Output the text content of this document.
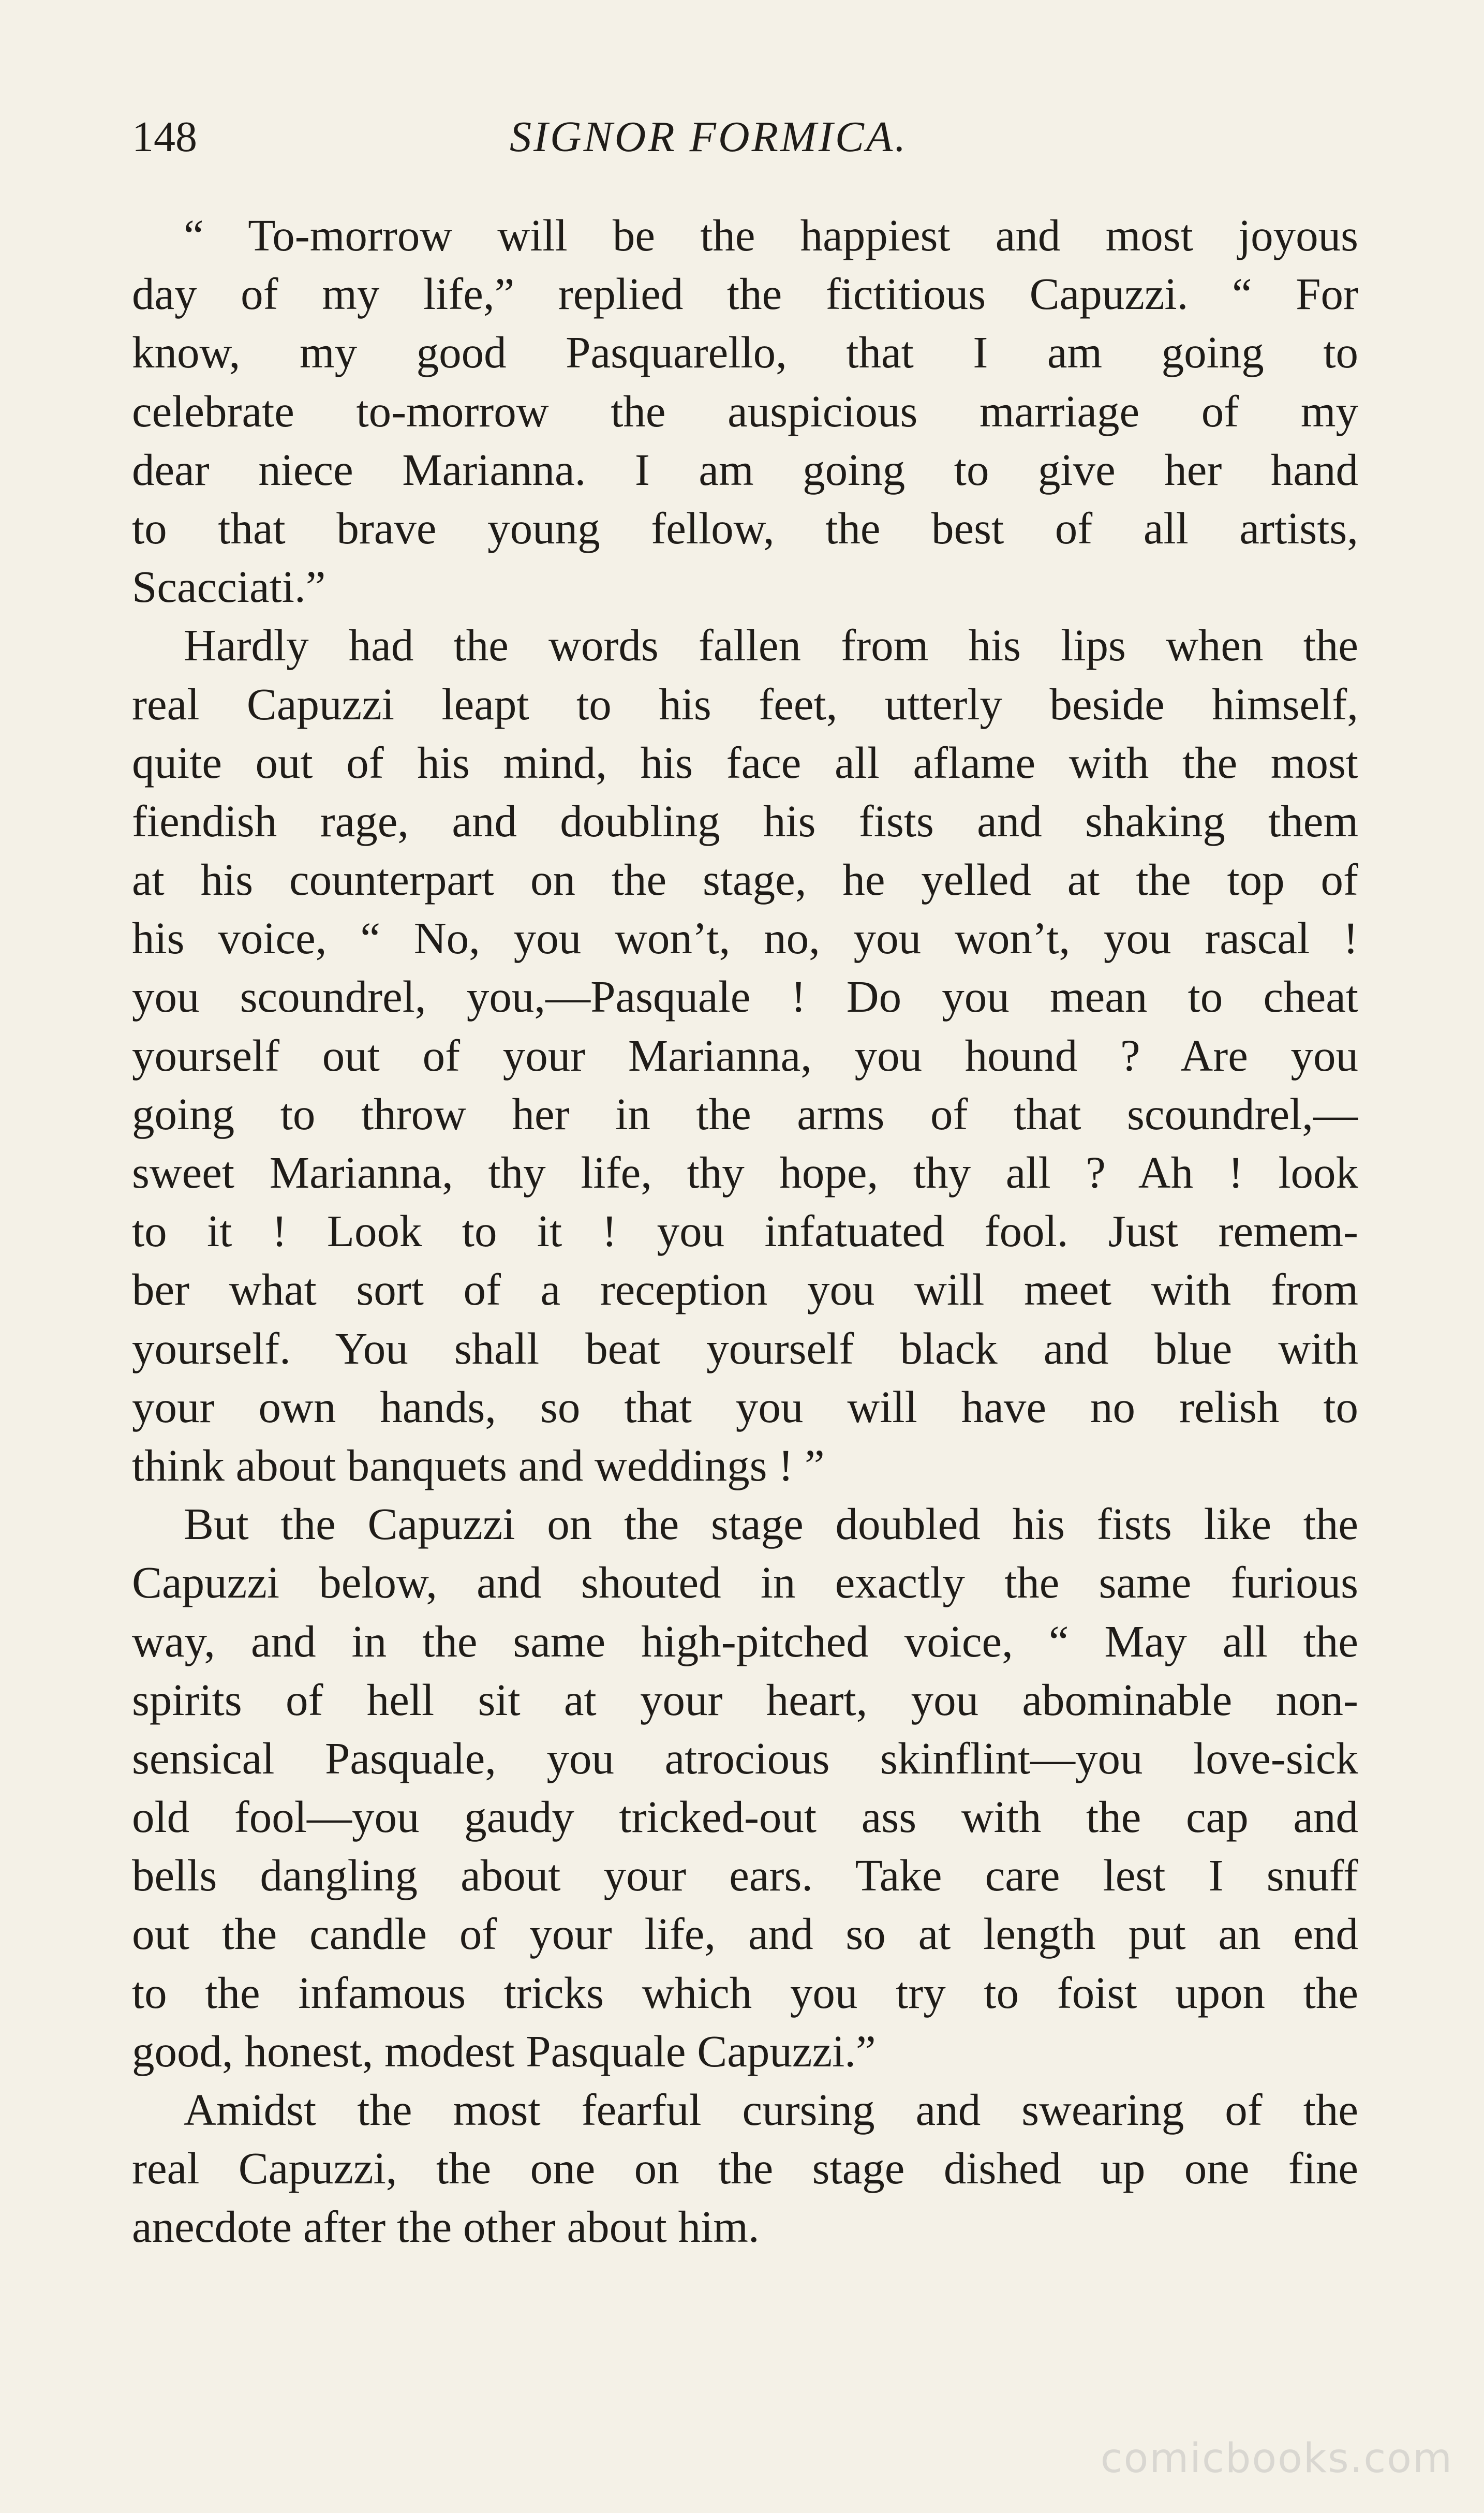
148	SIGNOR FORMICA.
“ To-morrow will be the happiest and most joyous
day of my life,” replied the fictitious Capuzzi. “ For
know, my good Pasquarello, that I am going to
celebrate to-morrow the auspicious marriage of my
dear niece Marianna. I am going to give her hand
to that brave young fellow, the best of all artists,
Scacciati.”
Hardly had the words fallen from his lips when the
real Capuzzi leapt to his feet, utterly beside himself,
quite out of his mind, his face all aflame with the most
fiendish rage, and doubling his fists and shaking them
at his counterpart on the stage, he yelled at the top of
his voice, “ No, you won’t, no, you won’t, you rascal !
you scoundrel, you,—Pasquale ! Do you mean to cheat
yourself out of your Marianna, you hound ? Are you
going to throw her in the arms of that scoundrel,—
sweet Marianna, thy life, thy hope, thy all ? Ah ! look
to it ! Look to it ! you infatuated fool. Just remem-
ber what sort of a reception you will meet with from
yourself. You shall beat yourself black and blue with
your own hands, so that you will have no relish to
think about banquets and weddings ! ”
But the Capuzzi on the stage doubled his fists like the
Capuzzi below, and shouted in exactly the same furious
way, and in the same high-pitched voice, “ May all the
spirits of hell sit at your heart, you abominable non-
sensical Pasquale, you atrocious skinflint—you love-sick
old fool—you gaudy tricked-out ass with the cap and
bells dangling about your ears. Take care lest I snuff
out the candle of your life, and so at length put an end
to the infamous tricks which you try to foist upon the
good, honest, modest Pasquale Capuzzi.”
Amidst the most fearful cursing and swearing of the
real Capuzzi, the one on the stage dished up one fine
anecdote after the other about him.
comicbooks.com
